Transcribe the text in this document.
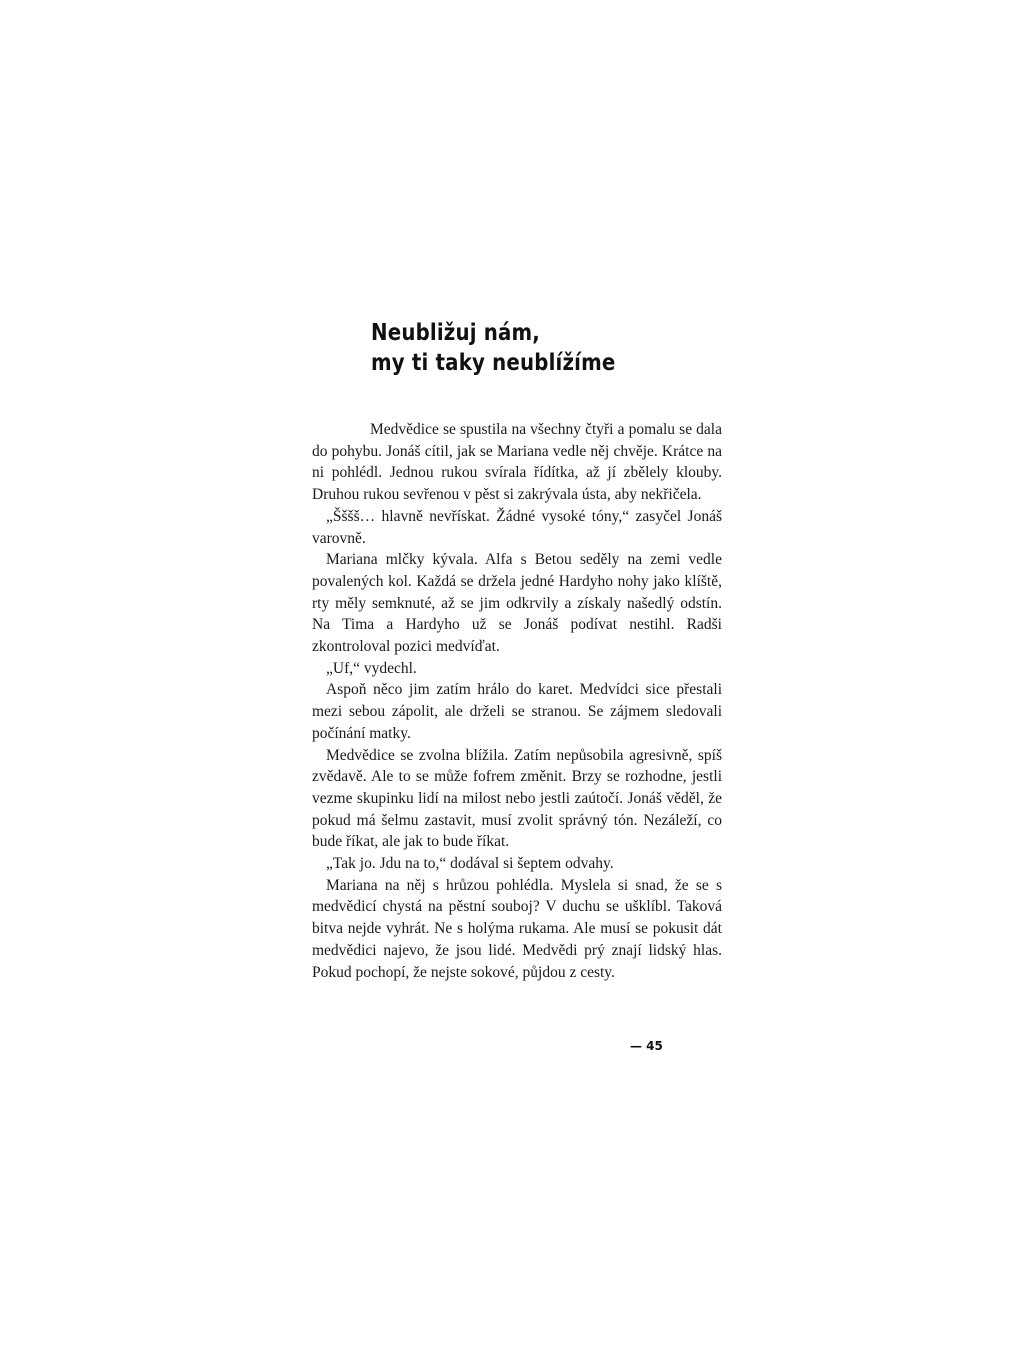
Neubližuj nám,
my ti taky neublížíme

Medvědice se spustila na všechny čtyři a pomalu se dala do pohybu. Jonáš cítil, jak se Mariana vedle něj chvěje. Krátce na ni pohlédl. Jednou rukou svírala řídítka, až jí zbělely klouby. Druhou rukou sevřenou v pěst si zakrývala ústa, aby nekřičela.

„Šššš… hlavně nevřískat. Žádné vysoké tóny,“ zasyčel Jonáš varovně.

Mariana mlčky kývala. Alfa s Betou seděly na zemi vedle povalených kol. Každá se držela jedné Hardyho nohy jako klíště, rty měly semknuté, až se jim odkrvily a získaly našedlý odstín. Na Tima a Hardyho už se Jonáš podívat nestihl. Radši zkontroloval pozici medvíďat.

„Uf,“ vydechl.

Aspoň něco jim zatím hrálo do karet. Medvídci sice přestali mezi sebou zápolit, ale drželi se stranou. Se zájmem sledovali počínání matky.

Medvědice se zvolna blížila. Zatím nepůsobila agresivně, spíš zvědavě. Ale to se může fofrem změnit. Brzy se rozhodne, jestli vezme skupinku lidí na milost nebo jestli zaútočí. Jonáš věděl, že pokud má šelmu zastavit, musí zvolit správný tón. Nezáleží, co bude říkat, ale jak to bude říkat.

„Tak jo. Jdu na to,“ dodával si šeptem odvahy.

Mariana na něj s hrůzou pohlédla. Myslela si snad, že se s medvědicí chystá na pěstní souboj? V duchu se ušklíbl. Taková bitva nejde vyhrát. Ne s holýma rukama. Ale musí se pokusit dát medvědici najevo, že jsou lidé. Medvědi prý znají lidský hlas. Pokud pochopí, že nejste sokové, půjdou z cesty.

— 45
